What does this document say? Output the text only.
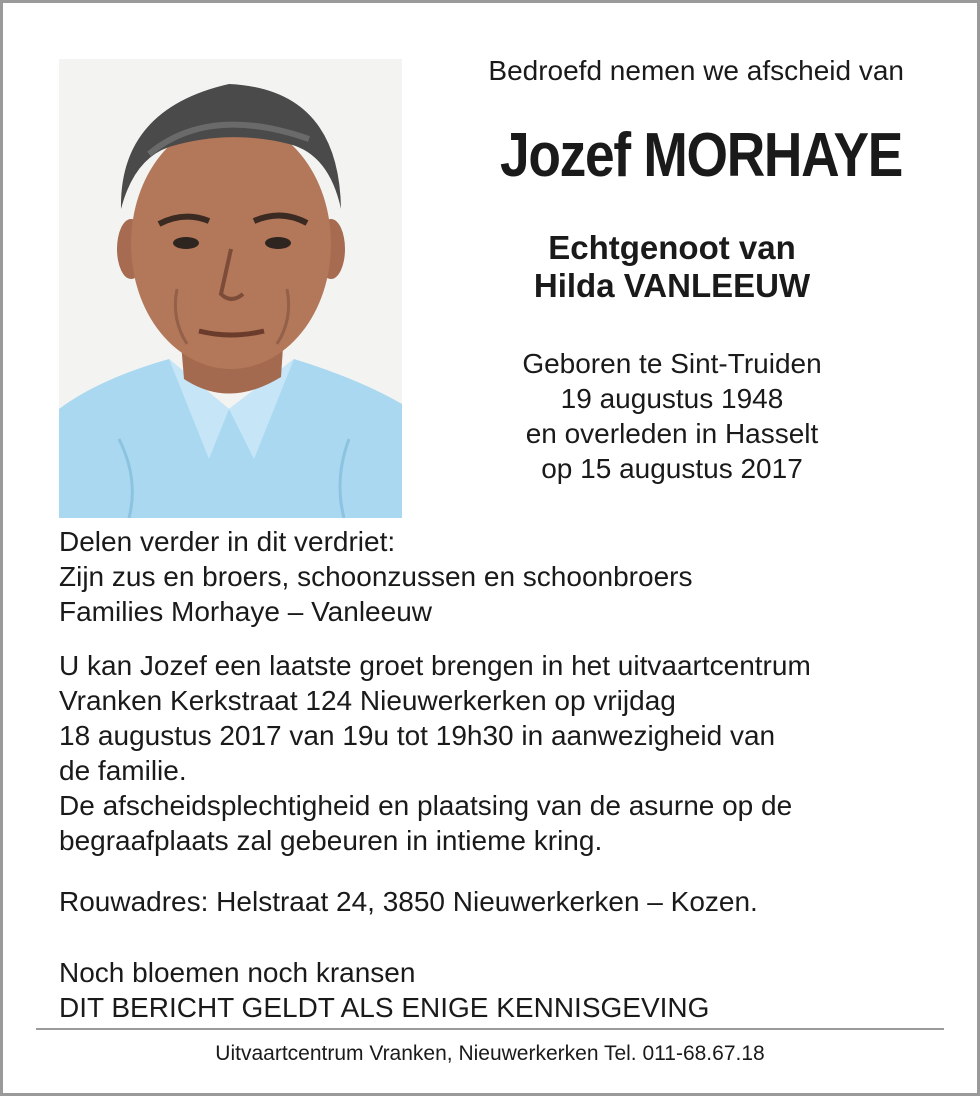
Bedroefd nemen we afscheid van
Jozef MORHAYE
Echtgenoot van
Hilda VANLEEUW
Geboren te Sint-Truiden
19 augustus 1948
en overleden in Hasselt
op 15 augustus 2017
Delen verder in dit verdriet:
Zijn zus en broers, schoonzussen en schoonbroers
Families Morhaye – Vanleeuw
U kan Jozef een laatste groet brengen in het uitvaartcentrum
Vranken Kerkstraat 124 Nieuwerkerken op vrijdag
18 augustus 2017 van 19u tot 19h30 in aanwezigheid van
de familie.
De afscheidsplechtigheid en plaatsing van de asurne op de
begraafplaats zal gebeuren in intieme kring.
Rouwadres: Helstraat 24, 3850 Nieuwerkerken – Kozen.
Noch bloemen noch kransen
DIT BERICHT GELDT ALS ENIGE KENNISGEVING
Uitvaartcentrum Vranken, Nieuwerkerken Tel. 011-68.67.18
